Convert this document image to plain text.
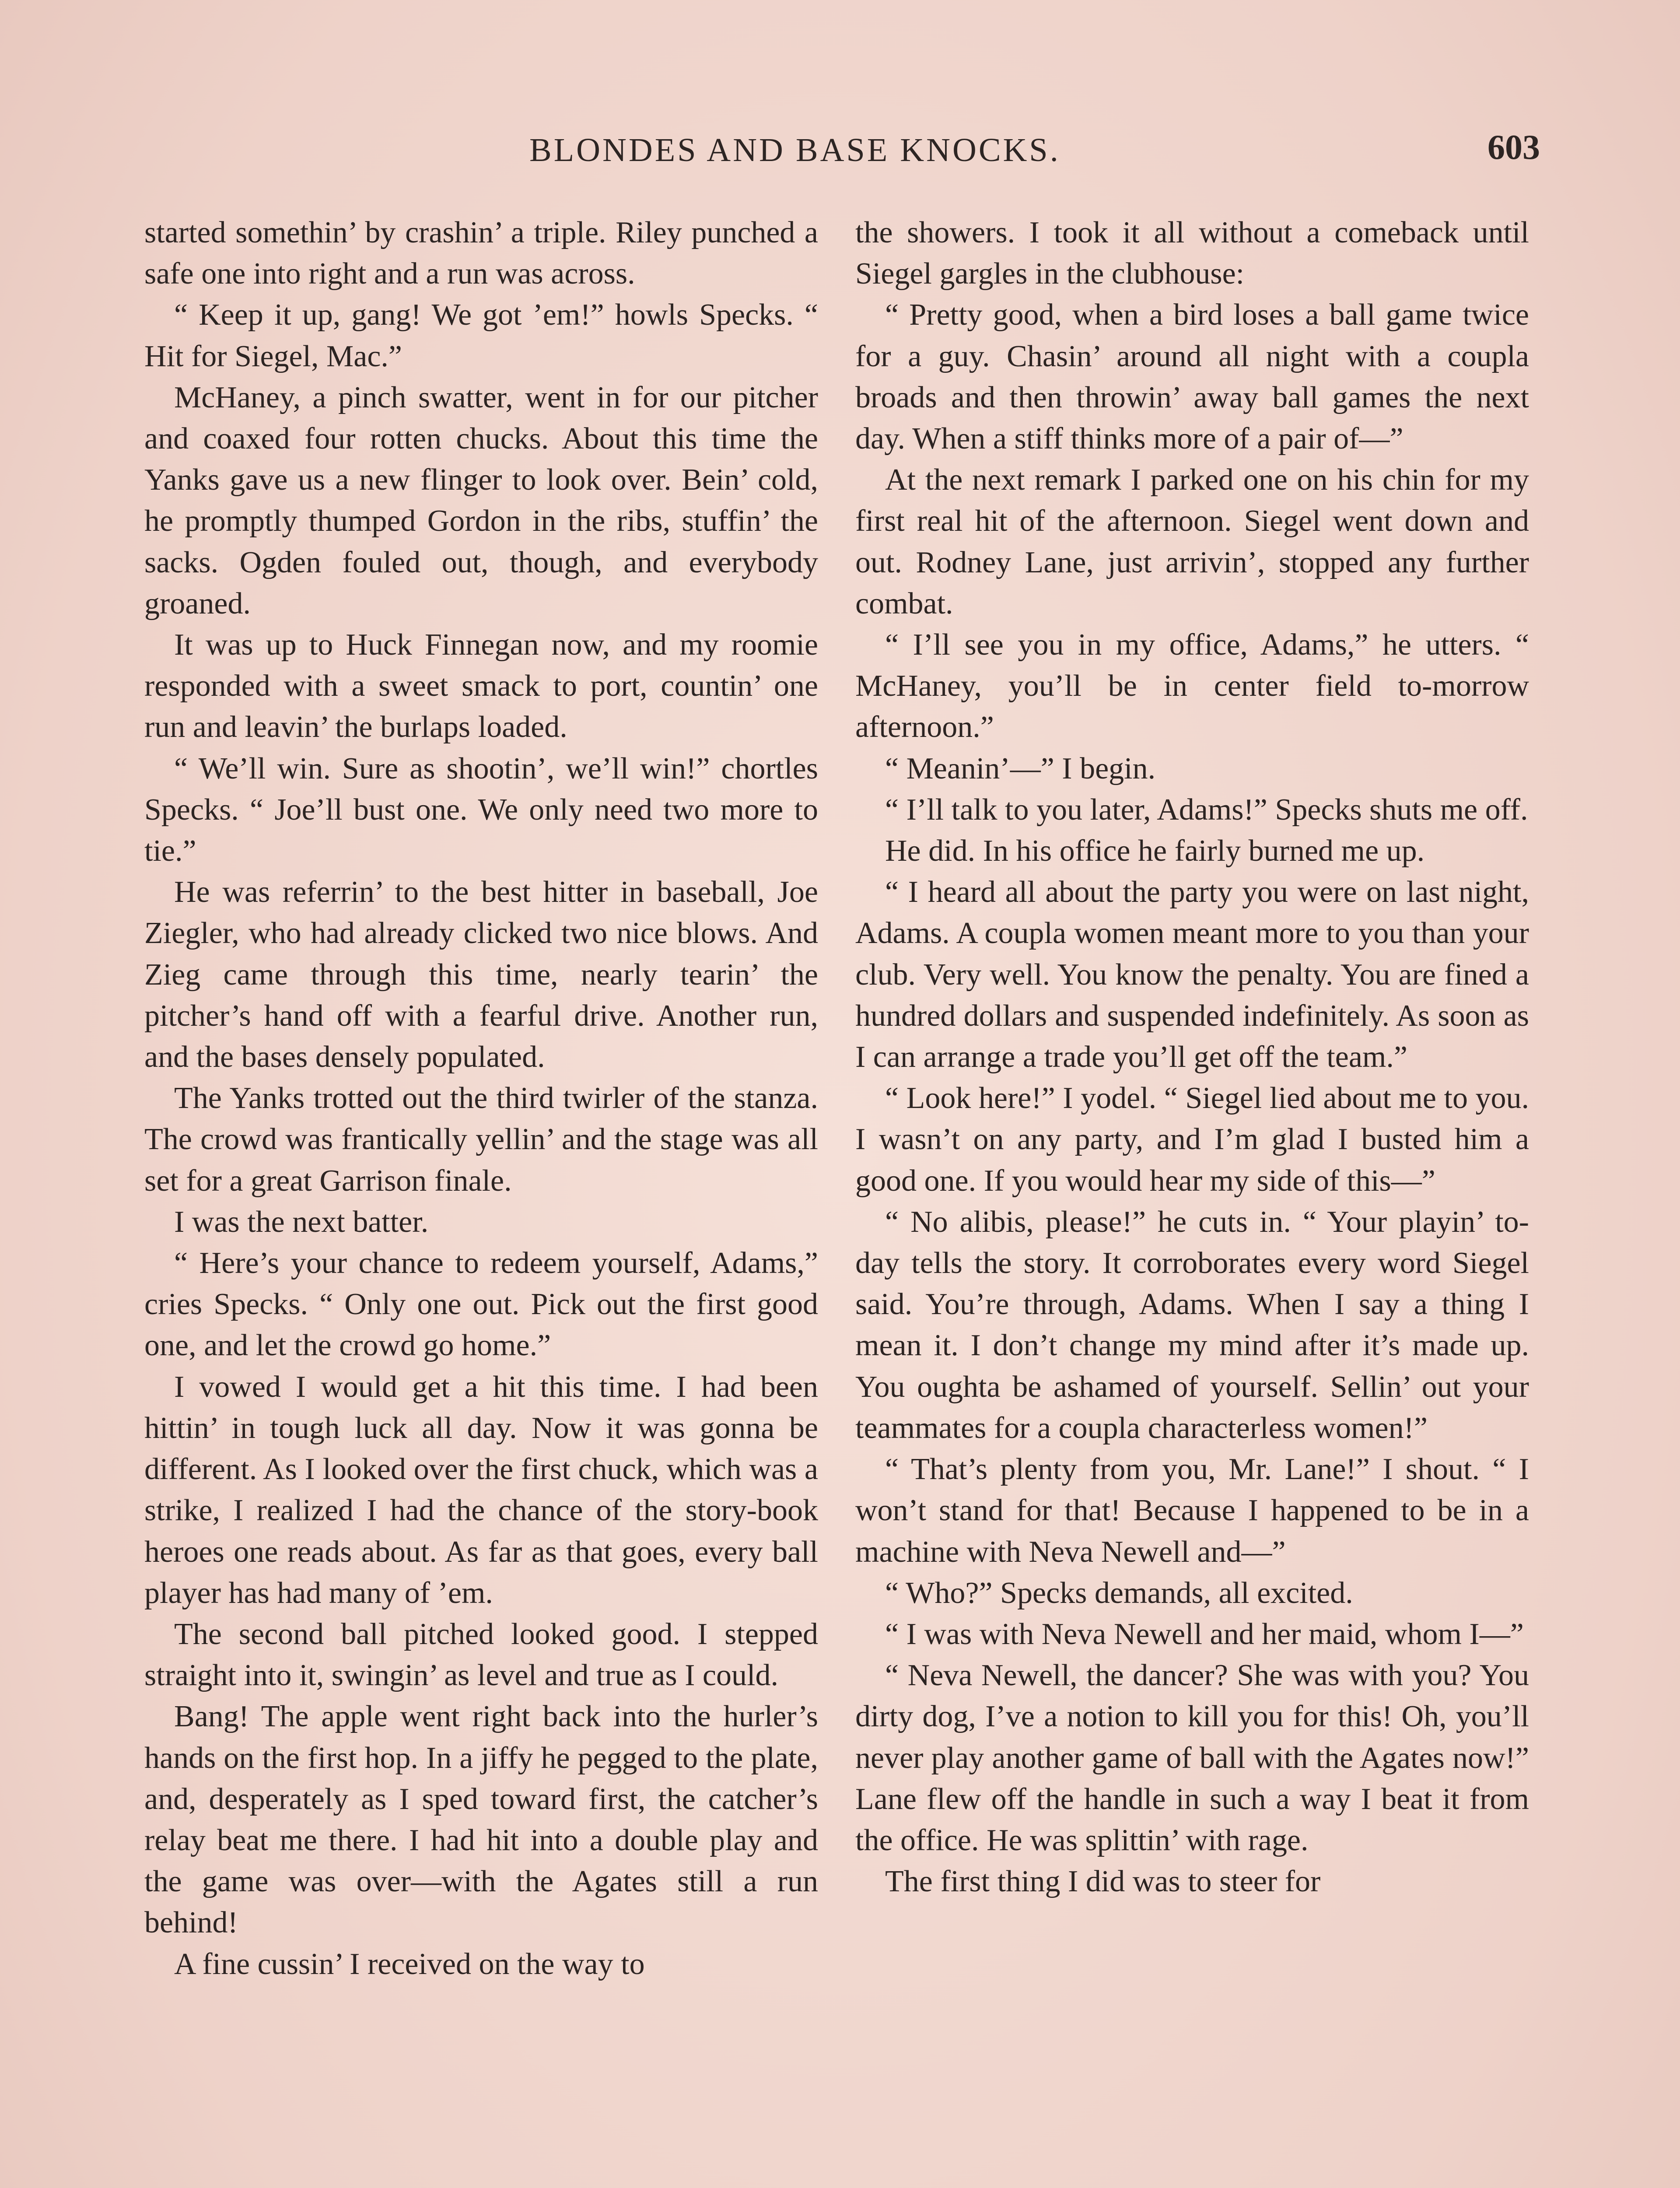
BLONDES AND BASE KNOCKS.	603

started somethin’ by crashin’ a triple. Riley punched a safe one into right and a run was across.

“ Keep it up, gang! We got ’em!” howls Specks. “ Hit for Siegel, Mac.”

McHaney, a pinch swatter, went in for our pitcher and coaxed four rotten chucks. About this time the Yanks gave us a new flinger to look over. Bein’ cold, he promptly thumped Gordon in the ribs, stuffin’ the sacks. Ogden fouled out, though, and everybody groaned.

It was up to Huck Finnegan now, and my roomie responded with a sweet smack to port, countin’ one run and leavin’ the burlaps loaded.

“ We’ll win. Sure as shootin’, we’ll win!” chortles Specks. “ Joe’ll bust one. We only need two more to tie.”

He was referrin’ to the best hitter in baseball, Joe Ziegler, who had already clicked two nice blows. And Zieg came through this time, nearly tearin’ the pitcher’s hand off with a fearful drive. Another run, and the bases densely populated.

The Yanks trotted out the third twirler of the stanza. The crowd was frantically yellin’ and the stage was all set for a great Garrison finale.

I was the next batter.

“ Here’s your chance to redeem yourself, Adams,” cries Specks. “ Only one out. Pick out the first good one, and let the crowd go home.”

I vowed I would get a hit this time. I had been hittin’ in tough luck all day. Now it was gonna be different. As I looked over the first chuck, which was a strike, I realized I had the chance of the story-book heroes one reads about. As far as that goes, every ball player has had many of ’em.

The second ball pitched looked good. I stepped straight into it, swingin’ as level and true as I could.

Bang! The apple went right back into the hurler’s hands on the first hop. In a jiffy he pegged to the plate, and, desperately as I sped toward first, the catcher’s relay beat me there. I had hit into a double play and the game was over—with the Agates still a run behind!

A fine cussin’ I received on the way to

the showers. I took it all without a comeback until Siegel gargles in the clubhouse:

“ Pretty good, when a bird loses a ball game twice for a guy. Chasin’ around all night with a coupla broads and then throwin’ away ball games the next day. When a stiff thinks more of a pair of—”

At the next remark I parked one on his chin for my first real hit of the afternoon. Siegel went down and out. Rodney Lane, just arrivin’, stopped any further combat.

“ I’ll see you in my office, Adams,” he utters. “ McHaney, you’ll be in center field to-morrow afternoon.”

“ Meanin’—” I begin.

“ I’ll talk to you later, Adams!” Specks shuts me off.

He did. In his office he fairly burned me up.

“ I heard all about the party you were on last night, Adams. A coupla women meant more to you than your club. Very well. You know the penalty. You are fined a hundred dollars and suspended indefinitely. As soon as I can arrange a trade you’ll get off the team.”

“ Look here!” I yodel. “ Siegel lied about me to you. I wasn’t on any party, and I’m glad I busted him a good one. If you would hear my side of this—”

“ No alibis, please!” he cuts in. “ Your playin’ to-day tells the story. It corroborates every word Siegel said. You’re through, Adams. When I say a thing I mean it. I don’t change my mind after it’s made up. You oughta be ashamed of yourself. Sellin’ out your teammates for a coupla characterless women!”

“ That’s plenty from you, Mr. Lane!” I shout. “ I won’t stand for that! Because I happened to be in a machine with Neva Newell and—”

“ Who?” Specks demands, all excited.

“ I was with Neva Newell and her maid, whom I—”

“ Neva Newell, the dancer? She was with you? You dirty dog, I’ve a notion to kill you for this! Oh, you’ll never play another game of ball with the Agates now!” Lane flew off the handle in such a way I beat it from the office. He was splittin’ with rage.

The first thing I did was to steer for
